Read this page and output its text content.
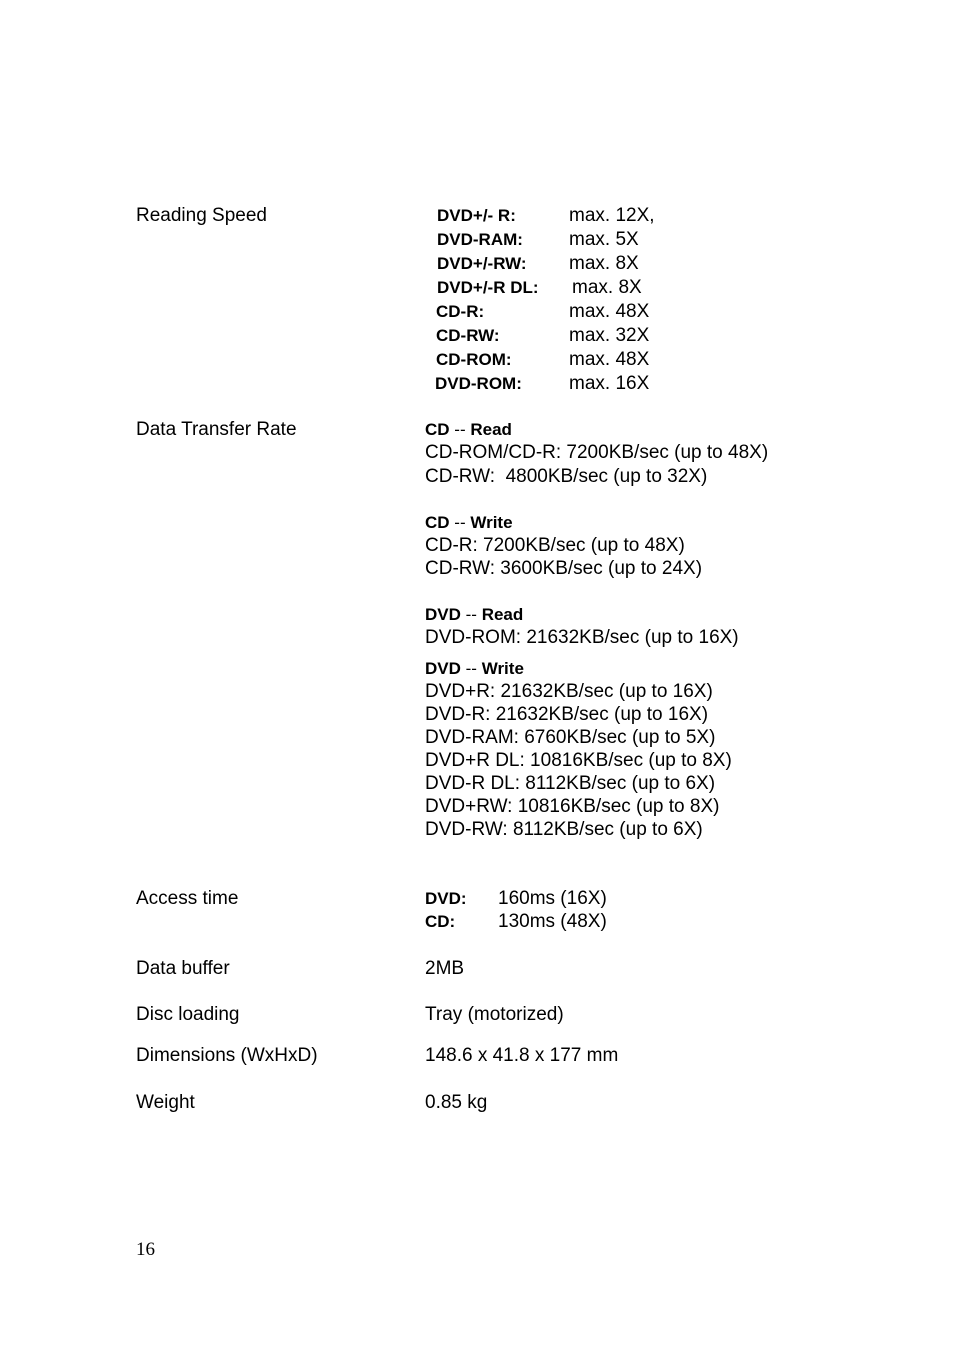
Reading Speed	DVD+/- R:	max. 12X,
DVD-RAM: max. 5X
DVD+/-RW: max. 8X
DVD+/-R DL: max. 8X
CD-R:	max. 48X
CD-RW:	max. 32X
CD-ROM:	max. 48X
DVD-ROM: max. 16X
Data Transfer Rate	CD -- Read
CD-ROM/CD-R: 7200KB/sec (up to 48X)
CD-RW:  4800KB/sec (up to 32X)
CD -- Write
CD-R: 7200KB/sec (up to 48X)
CD-RW: 3600KB/sec (up to 24X)
DVD -- Read
DVD-ROM: 21632KB/sec (up to 16X)
DVD -- Write
DVD+R: 21632KB/sec (up to 16X)
DVD-R: 21632KB/sec (up to 16X)
DVD-RAM: 6760KB/sec (up to 5X)
DVD+R DL: 10816KB/sec (up to 8X)
DVD-R DL: 8112KB/sec (up to 6X)
DVD+RW: 10816KB/sec (up to 8X)
DVD-RW: 8112KB/sec (up to 6X)
Access time	DVD: 160ms (16X)
CD: 130ms (48X)
Data buffer	2MB
Disc loading	Tray (motorized)
Dimensions (WxHxD)	148.6 x 41.8 x 177 mm
Weight	0.85 kg
16
